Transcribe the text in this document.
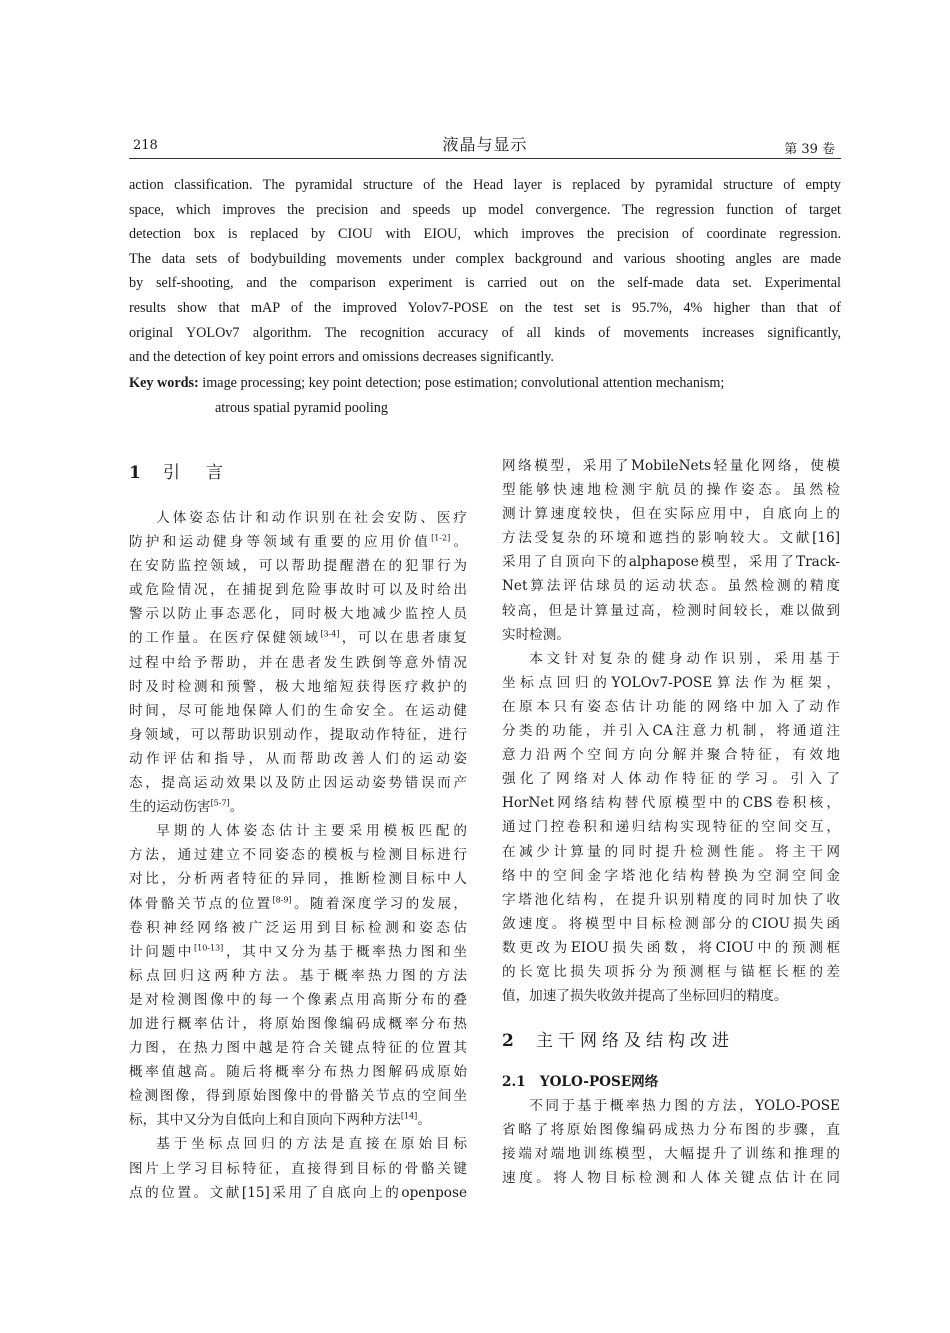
218	液晶与显示	第 39 卷
action classification. The pyramidal structure of the Head layer is replaced by pyramidal structure of empty
space, which improves the precision and speeds up model convergence. The regression function of target
detection box is replaced by CIOU with EIOU, which improves the precision of coordinate regression.
The data sets of bodybuilding movements under complex background and various shooting angles are made
by self-shooting, and the comparison experiment is carried out on the self-made data set. Experimental
results show that mAP of the improved Yolov7-POSE on the test set is 95.7%, 4% higher than that of
original YOLOv7 algorithm. The recognition accuracy of all kinds of movements increases significantly,
and the detection of key point errors and omissions decreases significantly.
Key words: image processing; key point detection; pose estimation; convolutional attention mechanism;
atrous spatial pyramid pooling
1 引言
人体姿态估计和动作识别在社会安防、医疗
防护和运动健身等领域有重要的应用价值[1-2]。
在安防监控领域，可以帮助提醒潜在的犯罪行为
或危险情况，在捕捉到危险事故时可以及时给出
警示以防止事态恶化，同时极大地减少监控人员
的工作量。在医疗保健领域[3-4]，可以在患者康复
过程中给予帮助，并在患者发生跌倒等意外情况
时及时检测和预警，极大地缩短获得医疗救护的
时间，尽可能地保障人们的生命安全。在运动健
身领域，可以帮助识别动作，提取动作特征，进行
动作评估和指导，从而帮助改善人们的运动姿
态，提高运动效果以及防止因运动姿势错误而产
生的运动伤害[5-7]。
早期的人体姿态估计主要采用模板匹配的
方法，通过建立不同姿态的模板与检测目标进行
对比，分析两者特征的异同，推断检测目标中人
体骨骼关节点的位置[8-9]。随着深度学习的发展，
卷积神经网络被广泛运用到目标检测和姿态估
计问题中[10-13]，其中又分为基于概率热力图和坐
标点回归这两种方法。基于概率热力图的方法
是对检测图像中的每一个像素点用高斯分布的叠
加进行概率估计，将原始图像编码成概率分布热
力图，在热力图中越是符合关键点特征的位置其
概率值越高。随后将概率分布热力图解码成原始
检测图像，得到原始图像中的骨骼关节点的空间坐
标，其中又分为自低向上和自顶向下两种方法[14]。
基于坐标点回归的方法是直接在原始目标
图片上学习目标特征，直接得到目标的骨骼关键
点的位置。文献[15]采用了自底向上的openpose
网络模型，采用了MobileNets轻量化网络，使模
型能够快速地检测宇航员的操作姿态。虽然检
测计算速度较快，但在实际应用中，自底向上的
方法受复杂的环境和遮挡的影响较大。文献[16]
采用了自顶向下的alphapose模型，采用了Track-
Net算法评估球员的运动状态。虽然检测的精度
较高，但是计算量过高，检测时间较长，难以做到
实时检测。
本文针对复杂的健身动作识别，采用基于
坐标点回归的YOLOv7-POSE算法作为框架，
在原本只有姿态估计功能的网络中加入了动作
分类的功能，并引入CA注意力机制，将通道注
意力沿两个空间方向分解并聚合特征，有效地
强化了网络对人体动作特征的学习。引入了
HorNet网络结构替代原模型中的CBS卷积核，
通过门控卷积和递归结构实现特征的空间交互，
在减少计算量的同时提升检测性能。将主干网
络中的空间金字塔池化结构替换为空洞空间金
字塔池化结构，在提升识别精度的同时加快了收
敛速度。将模型中目标检测部分的CIOU损失函
数更改为EIOU损失函数，将CIOU中的预测框
的长宽比损失项拆分为预测框与锚框长框的差
值，加速了损失收敛并提高了坐标回归的精度。
2 主干网络及结构改进
2.1 YOLO-POSE网络
不同于基于概率热力图的方法，YOLO-POSE
省略了将原始图像编码成热力分布图的步骤，直
接端对端地训练模型，大幅提升了训练和推理的
速度。将人物目标检测和人体关键点估计在同
